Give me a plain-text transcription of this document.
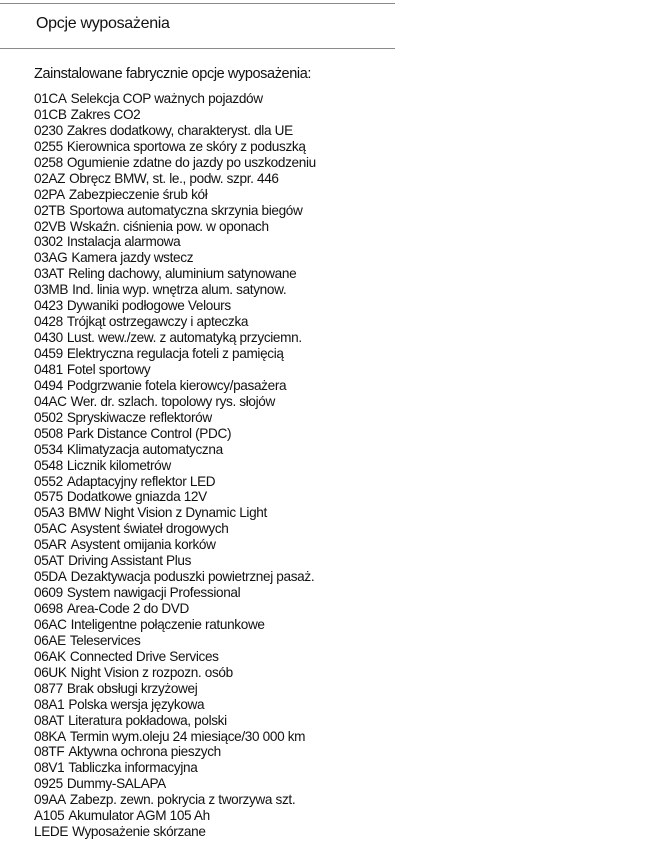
Opcje wyposażenia
Zainstalowane fabrycznie opcje wyposażenia:
01CA Selekcja COP ważnych pojazdów
01CB Zakres CO2
0230 Zakres dodatkowy, charakteryst. dla UE
0255 Kierownica sportowa ze skóry z poduszką
0258 Ogumienie zdatne do jazdy po uszkodzeniu
02AZ Obręcz BMW, st. le., podw. szpr. 446
02PA Zabezpieczenie śrub kół
02TB Sportowa automatyczna skrzynia biegów
02VB Wskaźn. ciśnienia pow. w oponach
0302 Instalacja alarmowa
03AG Kamera jazdy wstecz
03AT Reling dachowy, aluminium satynowane
03MB Ind. linia wyp. wnętrza alum. satynow.
0423 Dywaniki podłogowe Velours
0428 Trójkąt ostrzegawczy i apteczka
0430 Lust. wew./zew. z automatyką przyciemn.
0459 Elektryczna regulacja foteli z pamięcią
0481 Fotel sportowy
0494 Podgrzwanie fotela kierowcy/pasażera
04AC Wer. dr. szlach. topolowy rys. słojów
0502 Spryskiwacze reflektorów
0508 Park Distance Control (PDC)
0534 Klimatyzacja automatyczna
0548 Licznik kilometrów
0552 Adaptacyjny reflektor LED
0575 Dodatkowe gniazda 12V
05A3 BMW Night Vision z Dynamic Light
05AC Asystent świateł drogowych
05AR Asystent omijania korków
05AT Driving Assistant Plus
05DA Dezaktywacja poduszki powietrznej pasaż.
0609 System nawigacji Professional
0698 Area-Code 2 do DVD
06AC Inteligentne połączenie ratunkowe
06AE Teleservices
06AK Connected Drive Services
06UK Night Vision z rozpozn. osób
0877 Brak obsługi krzyżowej
08A1 Polska wersja językowa
08AT Literatura pokładowa, polski
08KA Termin wym.oleju 24 miesiące/30 000 km
08TF Aktywna ochrona pieszych
08V1 Tabliczka informacyjna
0925 Dummy-SALAPA
09AA Zabezp. zewn. pokrycia z tworzywa szt.
A105 Akumulator AGM 105 Ah
LEDE Wyposażenie skórzane
